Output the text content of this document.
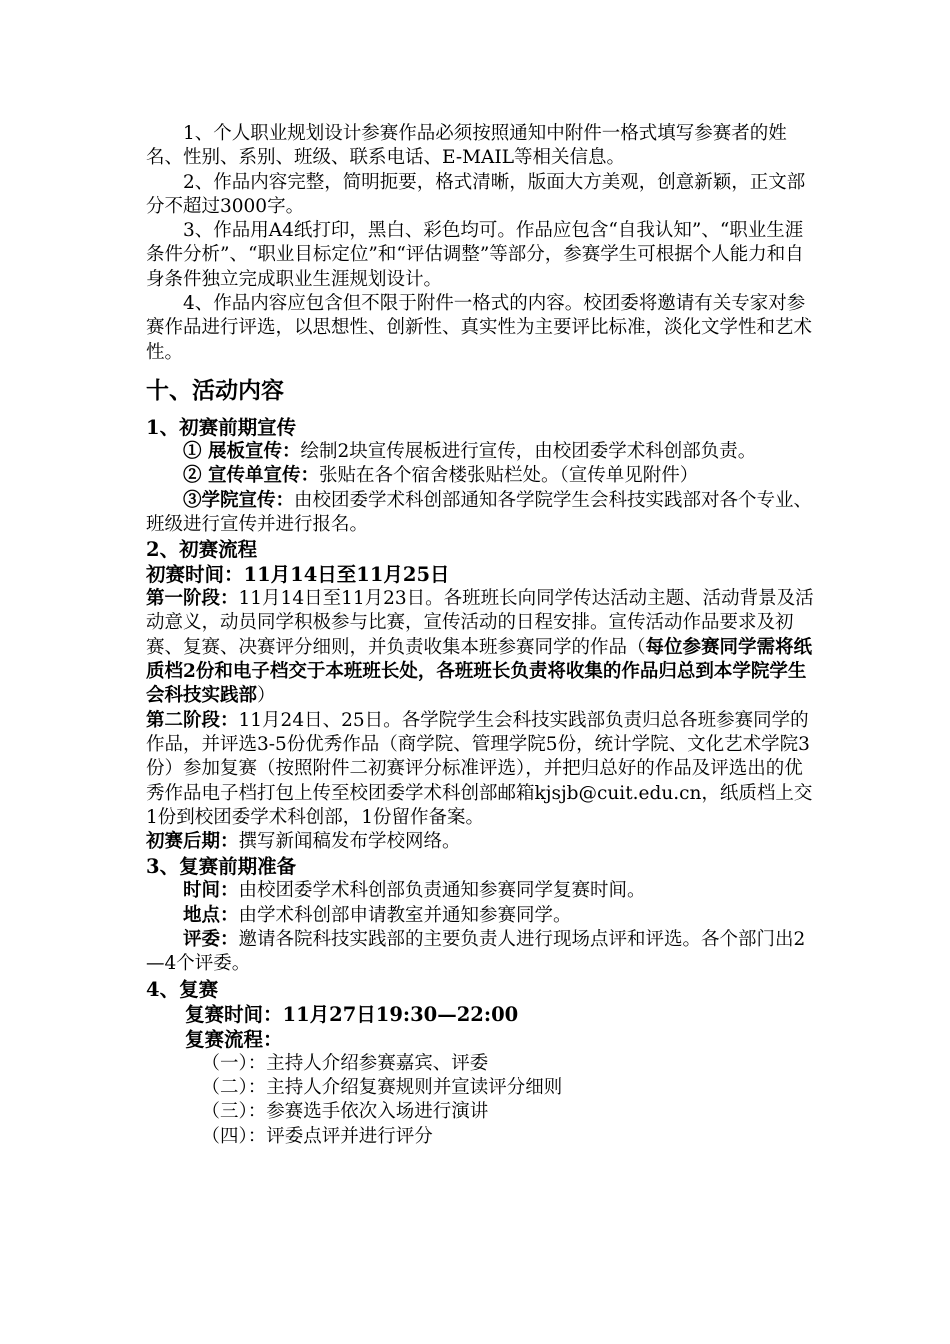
1、个人职业规划设计参赛作品必须按照通知中附件一格式填写参赛者的姓名、性别、系别、班级、联系电话、E-MAIL等相关信息。

2、作品内容完整，简明扼要，格式清晰，版面大方美观，创意新颖，正文部分不超过3000字。

3、作品用A4纸打印，黑白、彩色均可。作品应包含“自我认知”、“职业生涯条件分析”、“职业目标定位”和“评估调整”等部分，参赛学生可根据个人能力和自身条件独立完成职业生涯规划设计。

4、作品内容应包含但不限于附件一格式的内容。校团委将邀请有关专家对参赛作品进行评选，以思想性、创新性、真实性为主要评比标准，淡化文学性和艺术性。

十、活动内容
1、初赛前期宣传

① 展板宣传：绘制2块宣传展板进行宣传，由校团委学术科创部负责。

② 宣传单宣传：张贴在各个宿舍楼张贴栏处。（宣传单见附件）

③学院宣传：由校团委学术科创部通知各学院学生会科技实践部对各个专业、班级进行宣传并进行报名。

2、初赛流程
初赛时间：11月14日至11月25日

第一阶段：11月14日至11月23日。各班班长向同学传达活动主题、活动背景及活动意义，动员同学积极参与比赛，宣传活动的日程安排。宣传活动作品要求及初赛、复赛、决赛评分细则，并负责收集本班参赛同学的作品（每位参赛同学需将纸质档2份和电子档交于本班班长处，各班班长负责将收集的作品归总到本学院学生会科技实践部）

第二阶段：11月24日、25日。各学院学生会科技实践部负责归总各班参赛同学的作品，并评选3-5份优秀作品（商学院、管理学院5份，统计学院、文化艺术学院3份）参加复赛（按照附件二初赛评分标准评选），并把归总好的作品及评选出的优秀作品电子档打包上传至校团委学术科创部邮箱kjsjb@cuit.edu.cn，纸质档上交1份到校团委学术科创部，1份留作备案。

初赛后期：撰写新闻稿发布学校网络。

3、复赛前期准备

时间：由校团委学术科创部负责通知参赛同学复赛时间。

地点：由学术科创部申请教室并通知参赛同学。

评委：邀请各院科技实践部的主要负责人进行现场点评和评选。各个部门出2—4个评委。

4、复赛
复赛时间：11月27日19:30—22:00
复赛流程：

（一）：主持人介绍参赛嘉宾、评委

（二）：主持人介绍复赛规则并宣读评分细则

（三）：参赛选手依次入场进行演讲

（四）：评委点评并进行评分
